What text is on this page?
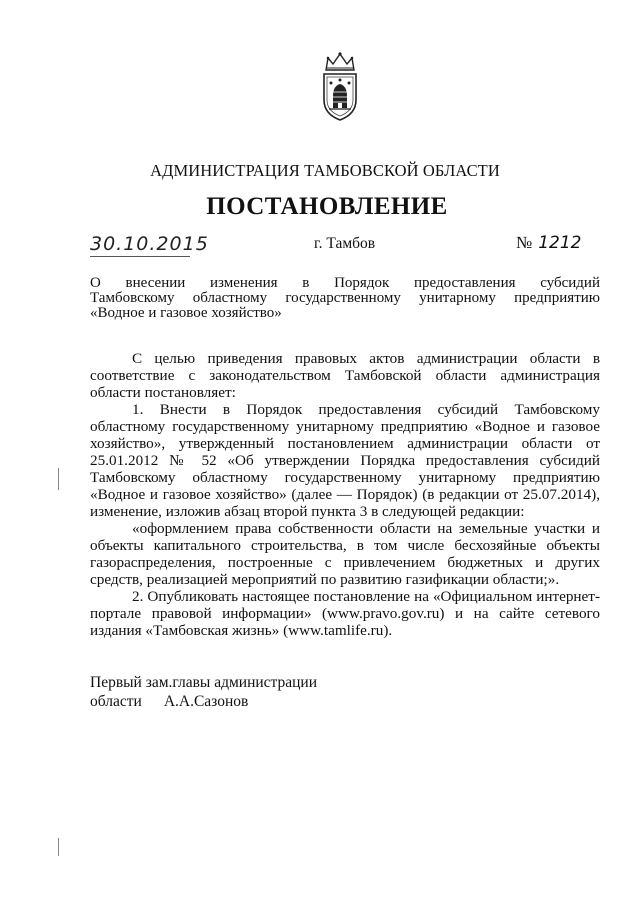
АДМИНИСТРАЦИЯ ТАМБОВСКОЙ ОБЛАСТИ
ПОСТАНОВЛЕНИЕ
30.10.2015	г. Тамбов	№ 1212
О внесении изменения в Порядок предоставления субсидий
Тамбовскому областному государственному унитарному предприятию
«Водное и газовое хозяйство»

С целью приведения правовых актов администрации области в соответствие с законодательством Тамбовской области администрация области постановляет:

1. Внести в Порядок предоставления субсидий Тамбовскому областному государственному унитарному предприятию «Водное и газовое хозяйство», утвержденный постановлением администрации области от 25.01.2012 № 52 «Об утверждении Порядка предоставления субсидий Тамбовскому областному государственному унитарному предприятию «Водное и газовое хозяйство» (далее — Порядок) (в редакции от 25.07.2014), изменение, изложив абзац второй пункта 3 в следующей редакции:

«оформлением права собственности области на земельные участки и объекты капитального строительства, в том числе бесхозяйные объекты газораспределения, построенные с привлечением бюджетных и других средств, реализацией мероприятий по развитию газификации области;».

2. Опубликовать настоящее постановление на «Официальном интернет-портале правовой информации» (www.pravo.gov.ru) и на сайте сетевого издания «Тамбовская жизнь» (www.tamlife.ru).

Первый зам.главы администрации
области А.А.Сазонов
